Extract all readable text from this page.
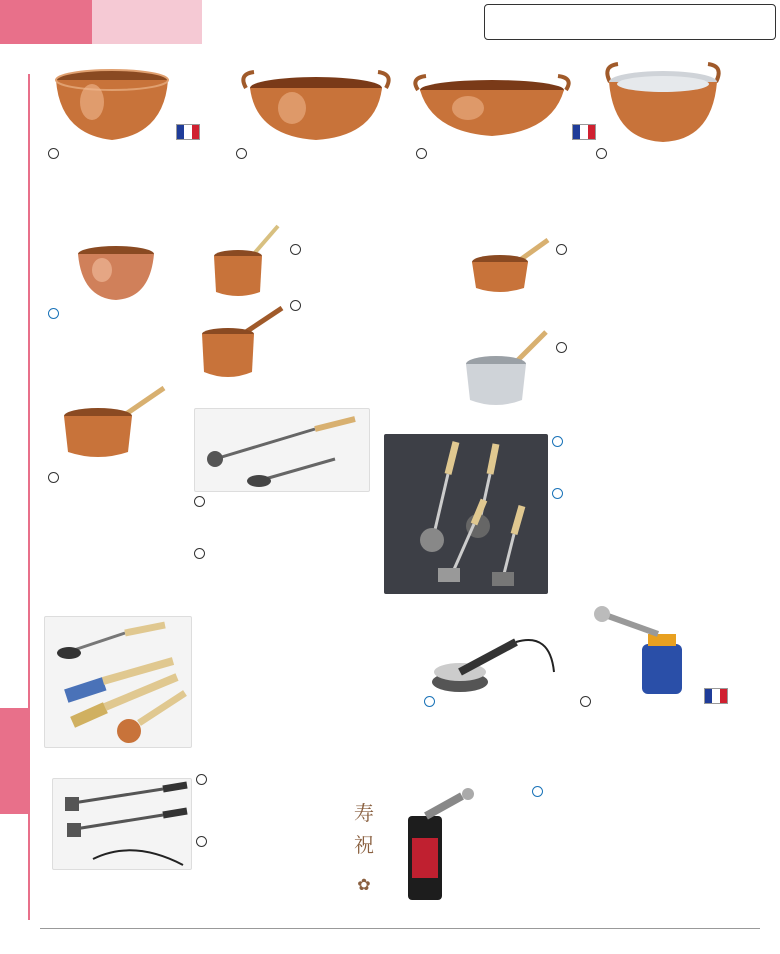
寿
祝
✿
